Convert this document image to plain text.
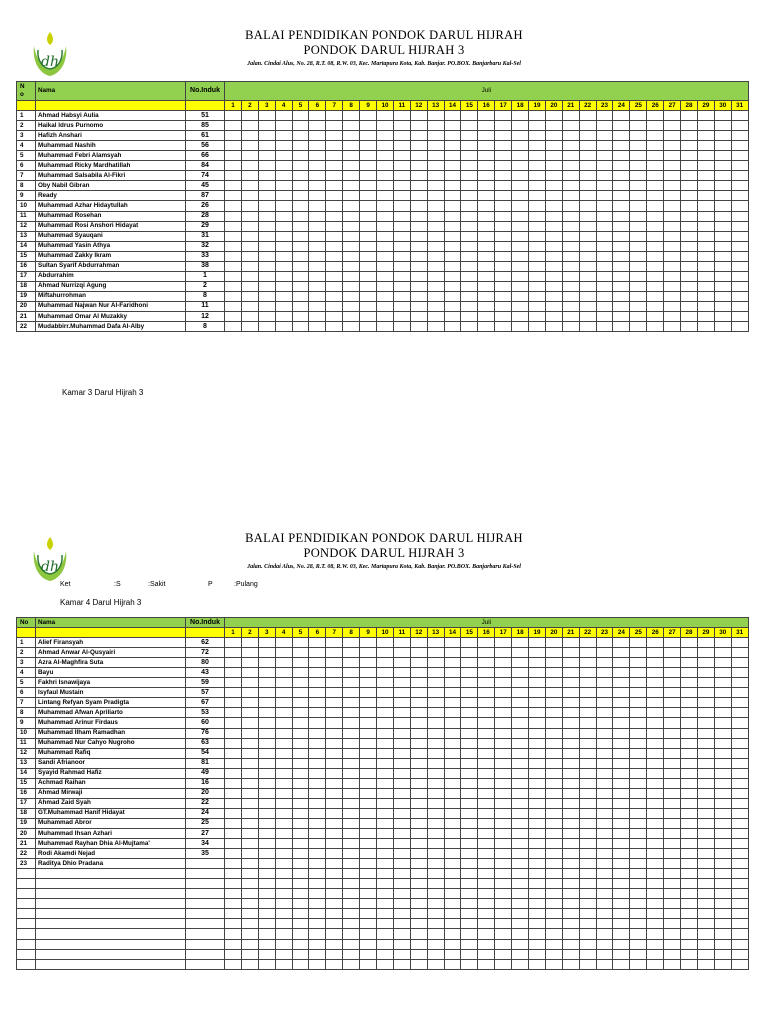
dh
BALAI PENDIDIKAN PONDOK DARUL HIJRAH
PONDOK DARUL HIJRAH 3
Jalan. Cindai Alus, No. 28, R.T. 08, R.W. 03, Kec. Martapura Kota, Kab. Banjar. PO.BOX. Banjarbaru Kal-Sel
N
o	Nama	No.Induk	Juli																														
			1	2	3	4	5	6	7	8	9	10	11	12	13	14	15	16	17	18	19	20	21	22	23	24	25	26	27	28	29	30	31
1	Ahmad Habsyi Aulia	51																															
2	Haikal Idrus Purnomo	85																															
3	Hafizh Anshari	61																															
4	Muhammad Nashih	56																															
5	Muhammad Febri Alamsyah	66																															
6	Muhammad Ricky Mardhatillah	84																															
7	Muhammad Salsabila Al-Fikri	74																															
8	Oby Nabil Gibran	45																															
9	Ready	87																															
10	Muhammad Azhar Hidaytullah	26																															
11	Muhammad Rosehan	28																															
12	Muhammad Rosi Anshori Hidayat	29																															
13	Muhammad Syauqani	31																															
14	Muhammad Yasin Athya	32																															
15	Muhammad Zakky Ikram	33																															
16	Sultan Syarif Abdurrahman	38																															
17	Abdurrahim	1																															
18	Ahmad Nurrizqi Agung	2																															
19	Miftahurrohman	8																															
20	Muhammad Najwan Nur Al-Faridhoni	11																															
21	Muhammad Omar Al Muzakky	12																															
22	Mudabbirr.Muhammad Dafa Al-Alby	8																															
Kamar 3 Darul Hijrah 3
dh
BALAI PENDIDIKAN PONDOK DARUL HIJRAH
PONDOK DARUL HIJRAH 3
Jalan. Cindai Alus, No. 28, R.T. 08, R.W. 03, Kec. Martapura Kota, Kab. Banjar. PO.BOX. Banjarbaru Kal-Sel
Ket	:S	:Sakit	P	:Pulang
Kamar 4 Darul Hijrah 3
No	Nama	No.Induk	Juli																														
			1	2	3	4	5	6	7	8	9	10	11	12	13	14	15	16	17	18	19	20	21	22	23	24	25	26	27	28	29	30	31
1	Alief Firansyah	62																															
2	Ahmad Anwar Al-Qusyairi	72																															
3	Azra Al-Maghfira Suta	80																															
4	Bayu	43																															
5	Fakhri Isnawijaya	59																															
6	Isyfaul Mustain	57																															
7	Lintang Refyan Syam Pradigta	67																															
8	Muhammad Afwan Apriliarto	53																															
9	Muhammad Arinur Firdaus	60																															
10	Muhammad Ilham Ramadhan	76																															
11	Muhammad Nur Cahyo Nugroho	63																															
12	Muhammad Rafiq	54																															
13	Sandi Afrianoor	81																															
14	Syayid Rahmad Hafiz	49																															
15	Achmad Raihan	16																															
16	Ahmad Mirwaji	20																															
17	Ahmad Zaid Syah	22																															
18	GT.Muhammad Hanif Hidayat	24																															
19	Muhammad Abror	25																															
20	Muhammad Ihsan Azhari	27																															
21	Muhammad Rayhan Dhia Al-Mujtama'	34																															
22	Rodi Akamdi Nejad	35																															
23	Raditya Dhio Pradana																																
